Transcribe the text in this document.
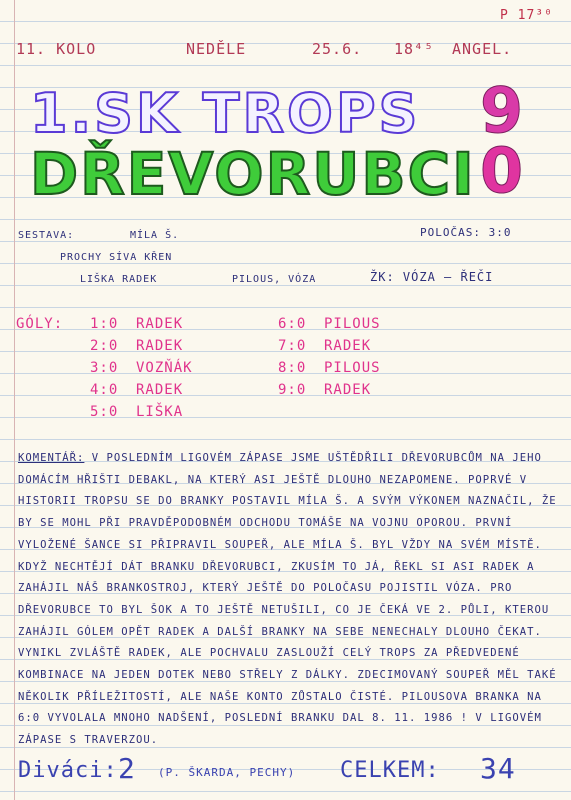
P 17³⁰
11. KOLO	NEDĚLE	25.6. 18⁴⁵ ANGEL.
1.SK TROPS 9
DŘEVORUBCI 0
SESTAVA:	MÍLA Š.
PROCHY SÍVA KŘEN
LIŠKA RADEK	PILOUS, VÓZA
POLOČAS: 3:0
ŽK: VÓZA – ŘEČI
GÓLY: 1:0 RADEK
2:0 RADEK
3:0 VOZŇÁK
4:0 RADEK
5:0 LIŠKA
6:0 PILOUS
7:0 RADEK
8:0 PILOUS
9:0 RADEK
KOMENTÁŘ: V POSLEDNÍM LIGOVÉM ZÁPASE JSME UŠTĚDŘILI DŘEVORUBCŮM NA JEHO DOMÁCÍM HŘIŠTI DEBAKL, NA KTERÝ ASI JEŠTĚ DLOUHO NEZAPOMENE. POPRVÉ V HISTORII TROPSU SE DO BRANKY POSTAVIL MÍLA Š. A SVÝM VÝKONEM NAZNAČIL, ŽE BY SE MOHL PŘI PRAVDĚPODOBNÉM ODCHODU TOMÁŠE NA VOJNU OPOROU. PRVNÍ VYLOŽENÉ ŠANCE SI PŘIPRAVIL SOUPEŘ, ALE MÍLA Š. BYL VŽDY NA SVÉM MÍSTĚ. KDYŽ NECHTĚJÍ DÁT BRANKU DŘEVORUBCI, ZKUSÍM TO JÁ, ŘEKL SI ASI RADEK A ZAHÁJIL NÁŠ BRANKOSTROJ, KTERÝ JEŠTĚ DO POLOČASU POJISTIL VÓZA. PRO DŘEVORUBCE TO BYL ŠOK A TO JEŠTĚ NETUŠILI, CO JE ČEKÁ VE 2. PŮLI, KTEROU ZAHÁJIL GÓLEM OPĚT RADEK A DALŠÍ BRANKY NA SEBE NENECHALY DLOUHO ČEKAT. VYNIKL ZVLÁŠTĚ RADEK, ALE POCHVALU ZASLOUŽÍ CELÝ TROPS ZA PŘEDVEDENÉ KOMBINACE NA JEDEN DOTEK NEBO STŘELY Z DÁLKY. ZDECIMOVANÝ SOUPEŘ MĚL TAKÉ NĚKOLIK PŘÍLEŽITOSTÍ, ALE NAŠE KONTO ZŮSTALO ČISTÉ. PILOUSOVA BRANKA NA 6:0 VYVOLALA MNOHO NADŠENÍ, POSLEDNÍ BRANKU DAL 8. 11. 1986 ! V LIGOVÉM ZÁPASE S TRAVERZOU.
Diváci: 2 (P. ŠKARDA, PECHY) CELKEM: 34
